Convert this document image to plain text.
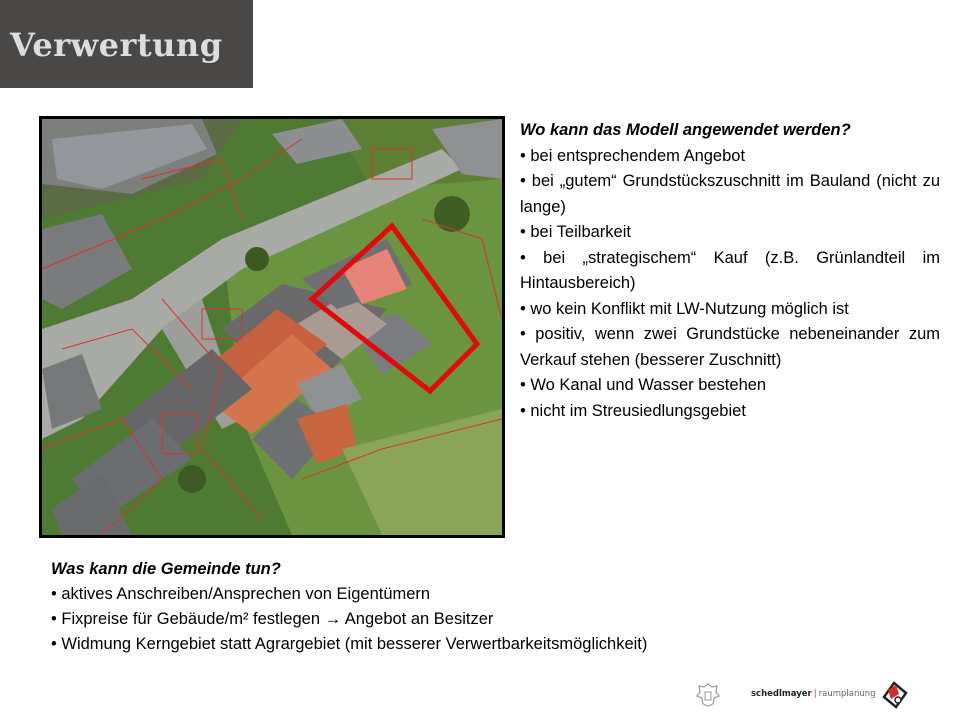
Verwertung
Wo kann das Modell angewendet werden?
• bei entsprechendem Angebot
• bei „gutem“ Grundstückszuschnitt im Bauland (nicht zu lange)
• bei Teilbarkeit
• bei „strategischem“ Kauf (z.B. Grünlandteil im Hintausbereich)
• wo kein Konflikt mit LW-Nutzung möglich ist
• positiv, wenn zwei Grundstücke nebeneinander zum Verkauf stehen (besserer Zuschnitt)
• Wo Kanal und Wasser bestehen
• nicht im Streusiedlungsgebiet
Was kann die Gemeinde tun?
• aktives Anschreiben/Ansprechen von Eigentümern
• Fixpreise für Gebäude/m² festlegen → Angebot an Besitzer
• Widmung Kerngebiet statt Agrargebiet (mit besserer Verwertbarkeitsmöglichkeit)
schedlmayer | raumplanung
